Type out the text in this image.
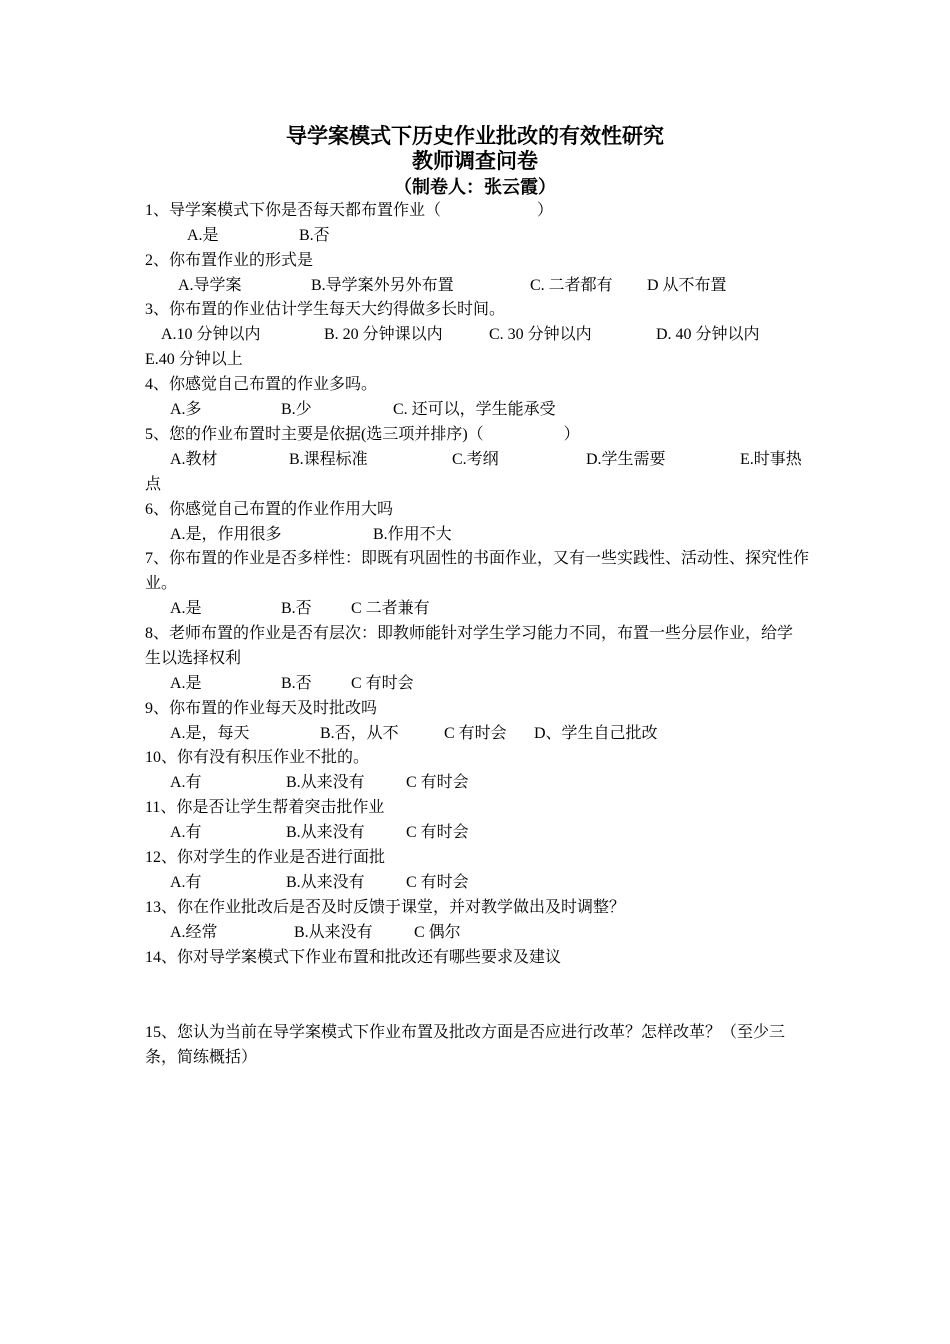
导学案模式下历史作业批改的有效性研究
教师调查问卷
（制卷人：张云霞）
1、导学案模式下你是否每天都布置作业（　　　　　　）
A.是	B.否
2、你布置作业的形式是
A.导学案	B.导学案外另外布置	C. 二者都有 D 从不布置
3、你布置的作业估计学生每天大约得做多长时间。
A.10 分钟以内	B. 20 分钟课以内	C. 30 分钟以内	D. 40 分钟以内
E.40 分钟以上
4、你感觉自己布置的作业多吗。
A.多	B.少	C. 还可以，学生能承受
5、您的作业布置时主要是依据(选三项并排序)（　　　　　）
A.教材	B.课程标准	C.考纲	D.学生需要	E.时事热
点
6、你感觉自己布置的作业作用大吗
A.是，作用很多	B.作用不大
7、你布置的作业是否多样性：即既有巩固性的书面作业，又有一些实践性、活动性、探究性作
业。
A.是	B.否 C 二者兼有
8、老师布置的作业是否有层次：即教师能针对学生学习能力不同，布置一些分层作业，给学
生以选择权利
A.是	B.否 C 有时会
9、你布置的作业每天及时批改吗
A.是，每天	B.否，从不	C 有时会 D、学生自己批改
10、你有没有积压作业不批的。
A.有	B.从来没有	C 有时会
11、你是否让学生帮着突击批作业
A.有	B.从来没有	C 有时会
12、你对学生的作业是否进行面批
A.有	B.从来没有	C 有时会
13、你在作业批改后是否及时反馈于课堂，并对教学做出及时调整？
A.经常	B.从来没有	C 偶尔
14、你对导学案模式下作业布置和批改还有哪些要求及建议
15、您认为当前在导学案模式下作业布置及批改方面是否应进行改革？怎样改革？（至少三
条，简练概括）
